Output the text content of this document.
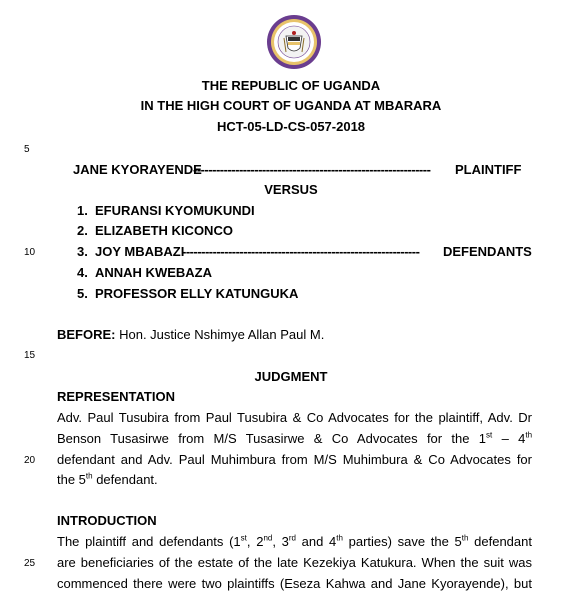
THE REPUBLIC OF UGANDA
IN THE HIGH COURT OF UGANDA AT MBARARA
HCT-05-LD-CS-057-2018
5
10
15
20
25
JANE KYORAYENDE
--------------------------------------------------------------	PLAINTIFF
VERSUS
1. EFURANSI KYOMUKUNDI
2. ELIZABETH KICONCO
3. JOY MBABAZI
--------------------------------------------------------------	DEFENDANTS
4. ANNAH KWEBAZA
5. PROFESSOR ELLY KATUNGUKA
BEFORE: Hon. Justice Nshimye Allan Paul M.
JUDGMENT
REPRESENTATION
Adv. Paul Tusubira from Paul Tusubira & Co Advocates for the plaintiff, Adv. Dr
Benson Tusasirwe from M/S Tusasirwe & Co Advocates for the 1st – 4th
defendant and Adv. Paul Muhimbura from M/S Muhimbura & Co Advocates for
the 5th defendant.
INTRODUCTION
The plaintiff and defendants (1st, 2nd, 3rd and 4th parties) save the 5th defendant
are beneficiaries of the estate of the late Kezekiya Katukura. When the suit was
commenced there were two plaintiffs (Eseza Kahwa and Jane Kyorayende), but
